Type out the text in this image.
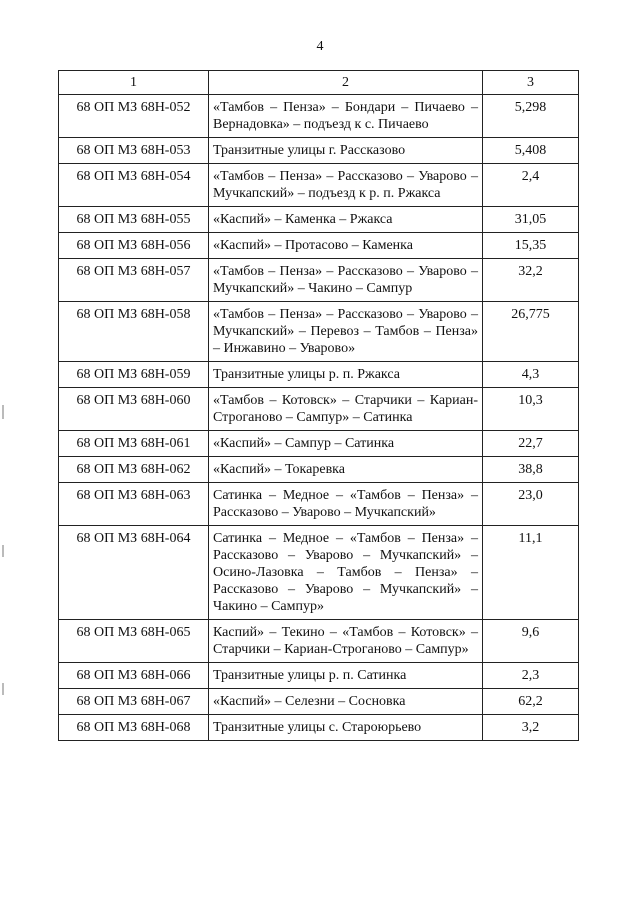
4
1	2	3
68 ОП МЗ 68Н-052	«Тамбов – Пенза» – Бондари – Пичаево – Вернадовка» – подъезд к с. Пичаево	5,298
68 ОП МЗ 68Н-053	Транзитные улицы г. Рассказово	5,408
68 ОП МЗ 68Н-054	«Тамбов – Пенза» – Рассказово – Уварово – Мучкапский» – подъезд к р. п. Ржакса	2,4
68 ОП МЗ 68Н-055	«Каспий» – Каменка – Ржакса	31,05
68 ОП МЗ 68Н-056	«Каспий» – Протасово – Каменка	15,35
68 ОП МЗ 68Н-057	«Тамбов – Пенза» – Рассказово – Уварово – Мучкапский» – Чакино – Сампур	32,2
68 ОП МЗ 68Н-058	«Тамбов – Пенза» – Рассказово – Уварово – Мучкапский» – Перевоз – Тамбов – Пенза» – Инжавино – Уварово»	26,775
68 ОП МЗ 68Н-059	Транзитные улицы р. п. Ржакса	4,3
68 ОП МЗ 68Н-060	«Тамбов – Котовск» – Старчики – Кариан-Строганово – Сампур» – Сатинка	10,3
68 ОП МЗ 68Н-061	«Каспий» – Сампур – Сатинка	22,7
68 ОП МЗ 68Н-062	«Каспий» – Токаревка	38,8
68 ОП МЗ 68Н-063	Сатинка – Медное – «Тамбов – Пенза» – Рассказово – Уварово – Мучкапский»	23,0
68 ОП МЗ 68Н-064	Сатинка – Медное – «Тамбов – Пенза» – Рассказово – Уварово – Мучкапский» – Осино-Лазовка – Тамбов – Пенза» – Рассказово – Уварово – Мучкапский» – Чакино – Сампур»	11,1
68 ОП МЗ 68Н-065	Каспий» – Текино – «Тамбов – Котовск» – Старчики – Кариан-Строганово – Сампур»	9,6
68 ОП МЗ 68Н-066	Транзитные улицы р. п. Сатинка	2,3
68 ОП МЗ 68Н-067	«Каспий» – Селезни – Сосновка	62,2
68 ОП МЗ 68Н-068	Транзитные улицы с. Староюрьево	3,2
